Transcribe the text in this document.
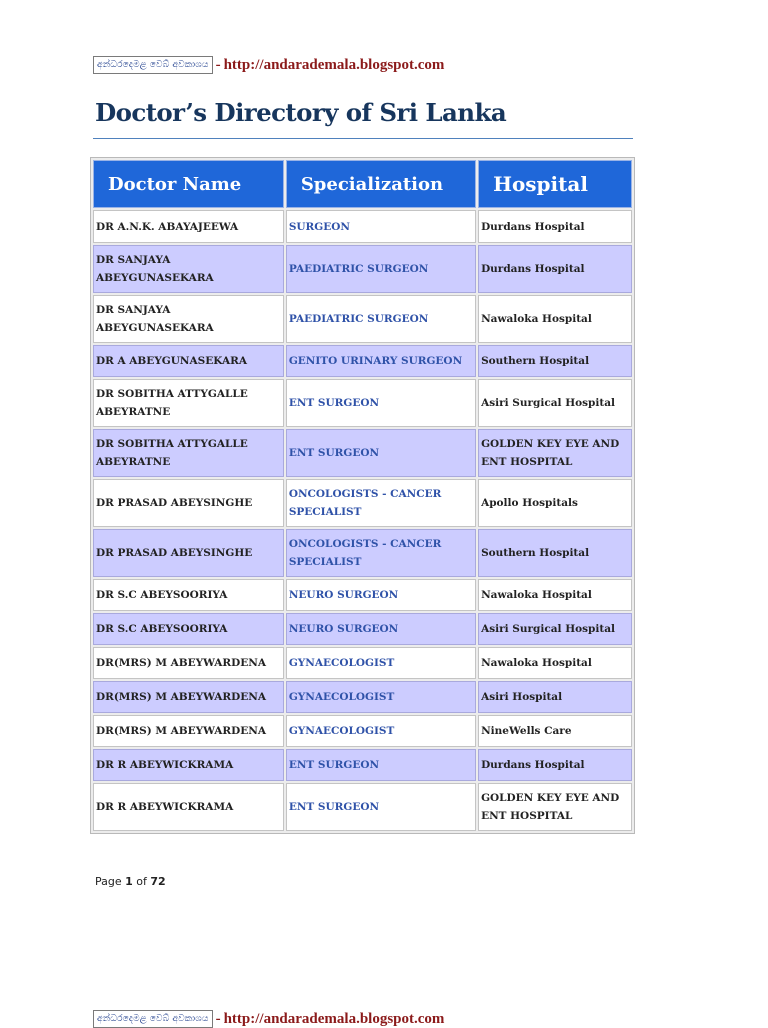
අන්ධරදෙමළ වෙබ් අවකාශය - http://andarademala.blogspot.com
Doctor’s Directory of Sri Lanka
Doctor Name	Specialization	Hospital
DR A.N.K. ABAYAJEEWA	SURGEON	Durdans Hospital
DR SANJAYA ABEYGUNASEKARA	PAEDIATRIC SURGEON	Durdans Hospital
DR SANJAYA ABEYGUNASEKARA	PAEDIATRIC SURGEON	Nawaloka Hospital
DR A ABEYGUNASEKARA	GENITO URINARY SURGEON	Southern Hospital
DR SOBITHA ATTYGALLE ABEYRATNE	ENT SURGEON	Asiri Surgical Hospital
DR SOBITHA ATTYGALLE ABEYRATNE	ENT SURGEON	GOLDEN KEY EYE AND ENT HOSPITAL
DR PRASAD ABEYSINGHE	ONCOLOGISTS - CANCER SPECIALIST	Apollo Hospitals
DR PRASAD ABEYSINGHE	ONCOLOGISTS - CANCER SPECIALIST	Southern Hospital
DR S.C ABEYSOORIYA	NEURO SURGEON	Nawaloka Hospital
DR S.C ABEYSOORIYA	NEURO SURGEON	Asiri Surgical Hospital
DR(MRS) M ABEYWARDENA	GYNAECOLOGIST	Nawaloka Hospital
DR(MRS) M ABEYWARDENA	GYNAECOLOGIST	Asiri Hospital
DR(MRS) M ABEYWARDENA	GYNAECOLOGIST	NineWells Care
DR R ABEYWICKRAMA	ENT SURGEON	Durdans Hospital
DR R ABEYWICKRAMA	ENT SURGEON	GOLDEN KEY EYE AND ENT HOSPITAL
Page 1 of 72
අන්ධරදෙමළ වෙබ් අවකාශය - http://andarademala.blogspot.com
